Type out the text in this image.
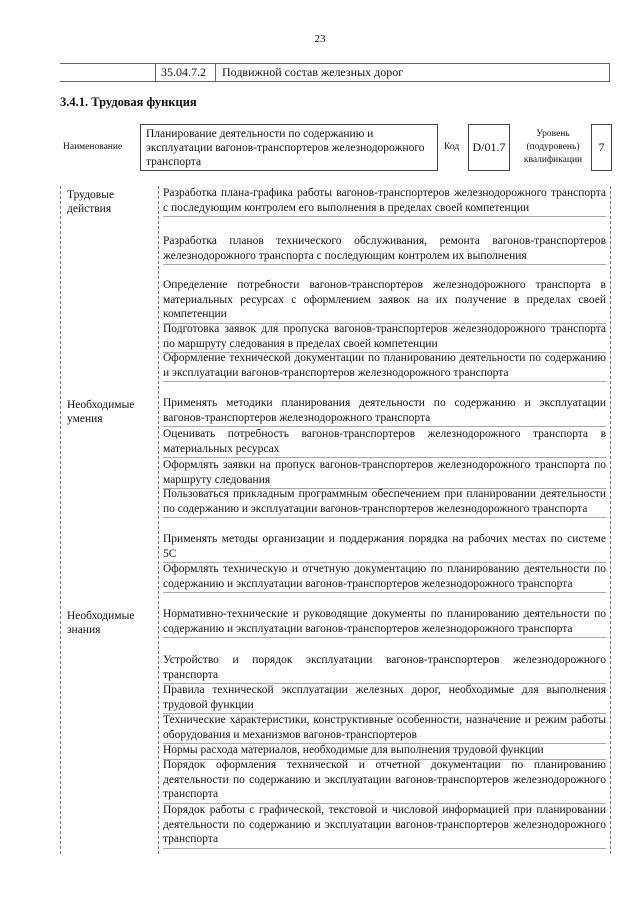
23
35.04.7.2 Подвижной состав железных дорог
3.4.1. Трудовая функция
Наименование
Планирование деятельности по содержанию и эксплуатации вагонов-транспортеров железнодорожного транспорта
Код D/01.7
Уровень (подуровень) квалификации
7
Трудовые действия
Разработка плана-графика работы вагонов-транспортеров железнодорожного транспорта с последующим контролем его выполнения в пределах своей компетенции
Разработка планов технического обслуживания, ремонта вагонов-транспортеров железнодорожного транспорта с последующим контролем их выполнения
Определение потребности вагонов-транспортеров железнодорожного транспорта в материальных ресурсах с оформлением заявок на их получение в пределах своей компетенции
Подготовка заявок для пропуска вагонов-транспортеров железнодорожного транспорта по маршруту следования в пределах своей компетенции
Оформление технической документации по планированию деятельности по содержанию и эксплуатации вагонов-транспортеров железнодорожного транспорта
Необходимые умения
Применять методики планирования деятельности по содержанию и эксплуатации вагонов-транспортеров железнодорожного транспорта
Оценивать потребность вагонов-транспортеров железнодорожного транспорта в материальных ресурсах
Оформлять заявки на пропуск вагонов-транспортеров железнодорожного транспорта по маршруту следования
Пользоваться прикладным программным обеспечением при планировании деятельности по содержанию и эксплуатации вагонов-транспортеров железнодорожного транспорта
Применять методы организации и поддержания порядка на рабочих местах по системе 5С
Оформлять техническую и отчетную документацию по планированию деятельности по содержанию и эксплуатации вагонов-транспортеров железнодорожного транспорта
Необходимые знания
Нормативно-технические и руководящие документы по планированию деятельности по содержанию и эксплуатации вагонов-транспортеров железнодорожного транспорта
Устройство и порядок эксплуатации вагонов-транспортеров железнодорожного транспорта
Правила технической эксплуатации железных дорог, необходимые для выполнения трудовой функции
Технические характеристики, конструктивные особенности, назначение и режим работы оборудования и механизмов вагонов-транспортеров
Нормы расхода материалов, необходимые для выполнения трудовой функции
Порядок оформления технической и отчетной документации по планированию деятельности по содержанию и эксплуатации вагонов-транспортеров железнодорожного транспорта
Порядок работы с графической, текстовой и числовой информацией при планировании деятельности по содержанию и эксплуатации вагонов-транспортеров железнодорожного транспорта
